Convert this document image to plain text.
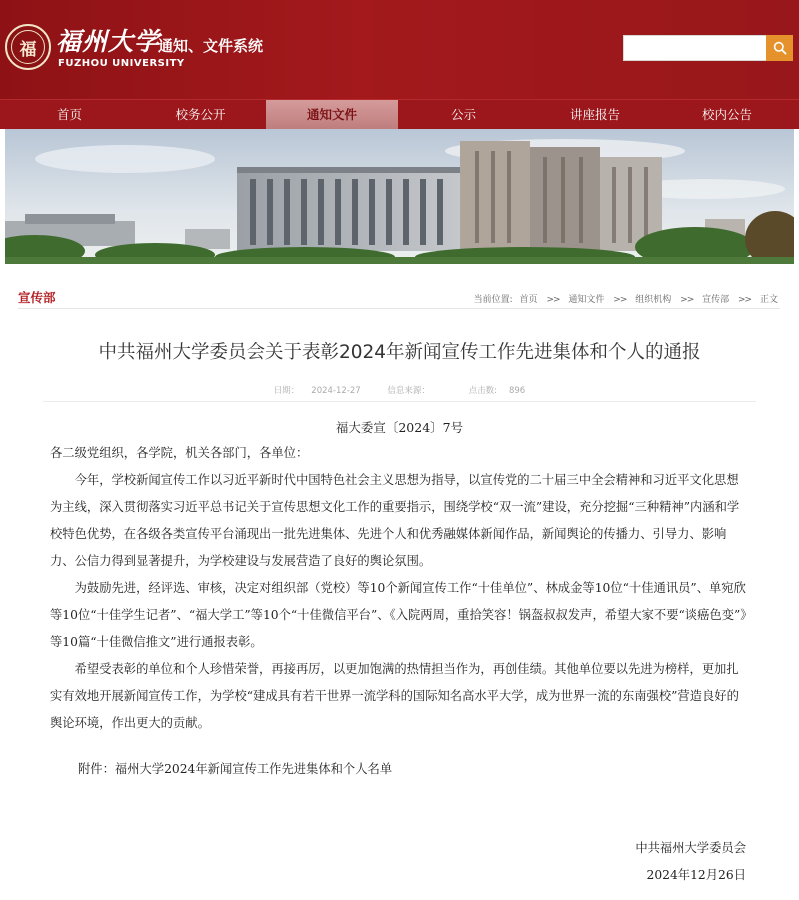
福 福州大学
FUZHOU UNIVERSITY
通知、文件系统
首页	校务公开	通知文件	公示	讲座报告	校内公告
宣传部	当前位置: 首页 >> 通知文件 >> 组织机构 >> 宣传部 >> 正文
中共福州大学委员会关于表彰2024年新闻宣传工作先进集体和个人的通报
日期： 2024-12-27	信息来源：	点击数: 896
福大委宣〔2024〕7号
各二级党组织，各学院，机关各部门，各单位：
今年，学校新闻宣传工作以习近平新时代中国特色社会主义思想为指导，以宣传党的二十届三中全会精神和习近平文化思想为主线，深入贯彻落实习近平总书记关于宣传思想文化工作的重要指示，围绕学校“双一流”建设，充分挖掘“三种精神”内涵和学校特色优势，在各级各类宣传平台涌现出一批先进集体、先进个人和优秀融媒体新闻作品，新闻舆论的传播力、引导力、影响力、公信力得到显著提升，为学校建设与发展营造了良好的舆论氛围。
为鼓励先进，经评选、审核，决定对组织部（党校）等10个新闻宣传工作“十佳单位”、林成金等10位“十佳通讯员”、单宛欣等10位“十佳学生记者”、“福大学工”等10个“十佳微信平台”、《入院两周，重拾笑容！锅盔叔叔发声，希望大家不要“谈癌色变”》等10篇“十佳微信推文”进行通报表彰。
希望受表彰的单位和个人珍惜荣誉，再接再厉，以更加饱满的热情担当作为，再创佳绩。其他单位要以先进为榜样，更加扎实有效地开展新闻宣传工作，为学校“建成具有若干世界一流学科的国际知名高水平大学，成为世界一流的东南强校”营造良好的舆论环境，作出更大的贡献。
附件：福州大学2024年新闻宣传工作先进集体和个人名单
中共福州大学委员会
2024年12月26日
